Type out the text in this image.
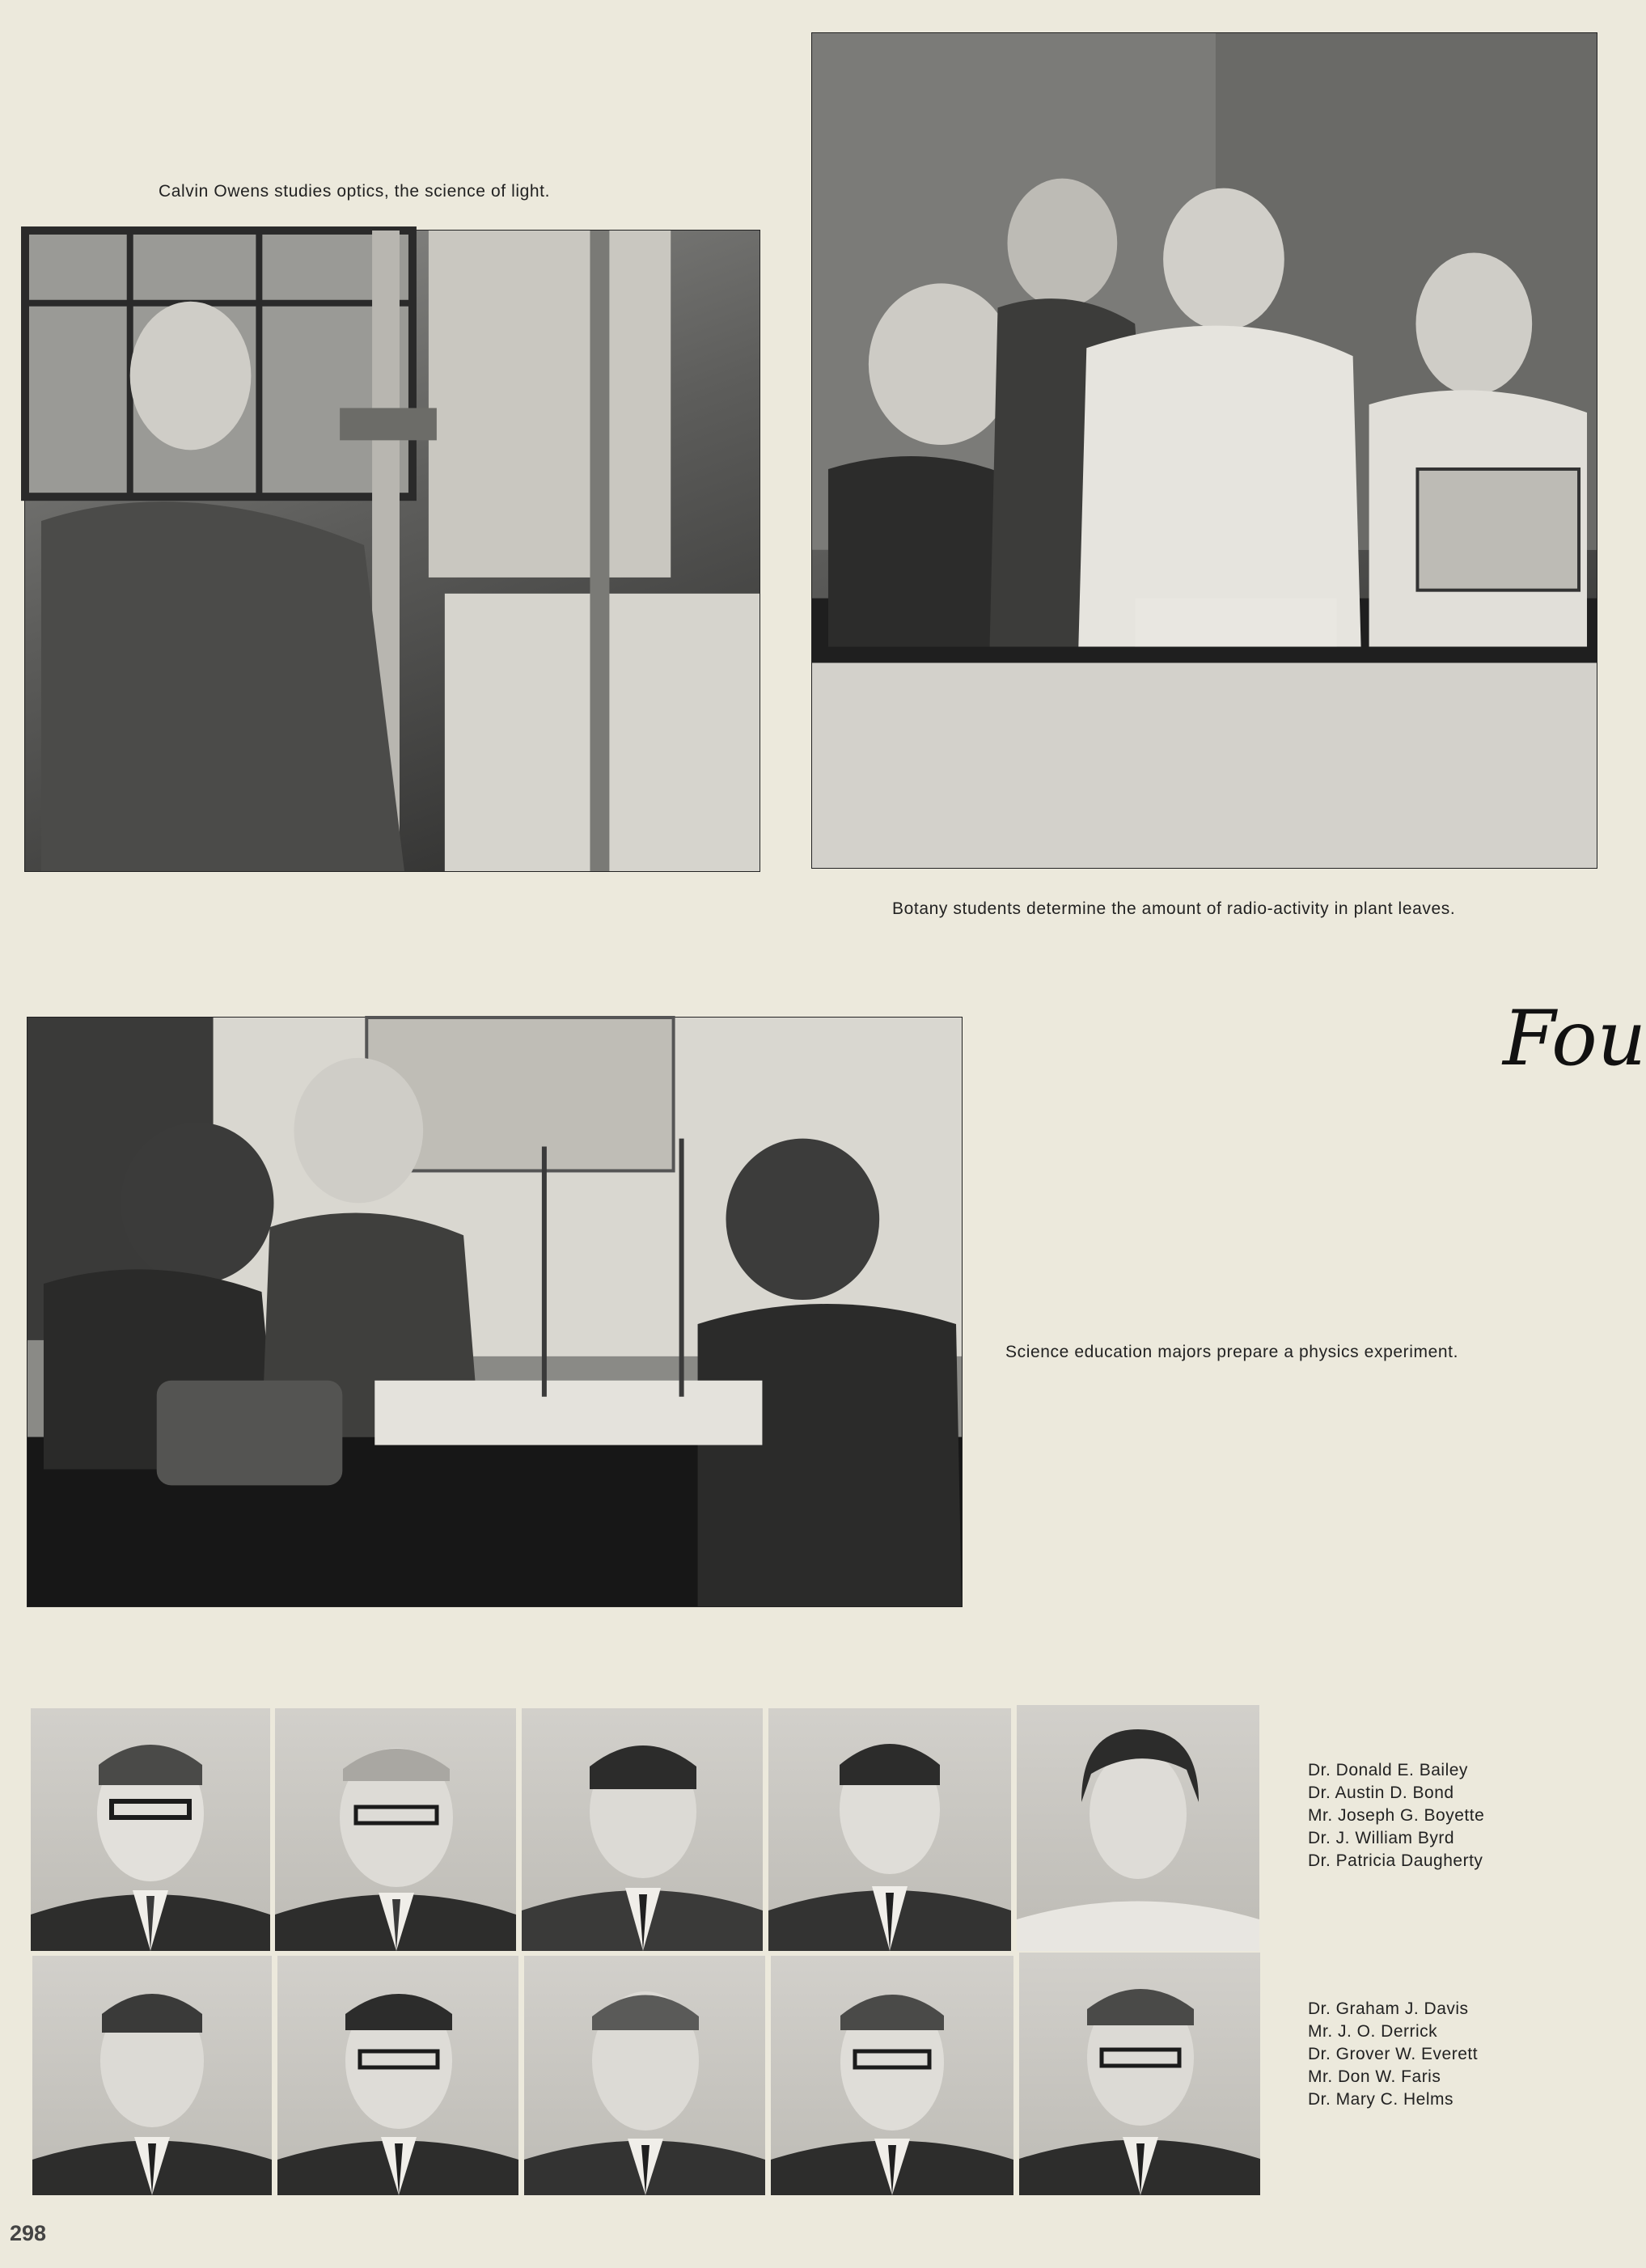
Calvin Owens studies optics, the science of light.
Botany students determine the amount of radio-activity in plant leaves.
Fou
Science education majors prepare a physics experiment.
Dr. Donald E. Bailey
Dr. Austin D. Bond
Mr. Joseph G. Boyette
Dr. J. William Byrd
Dr. Patricia Daugherty
Dr. Graham J. Davis
Mr. J. O. Derrick
Dr. Grover W. Everett
Mr. Don W. Faris
Dr. Mary C. Helms
298
